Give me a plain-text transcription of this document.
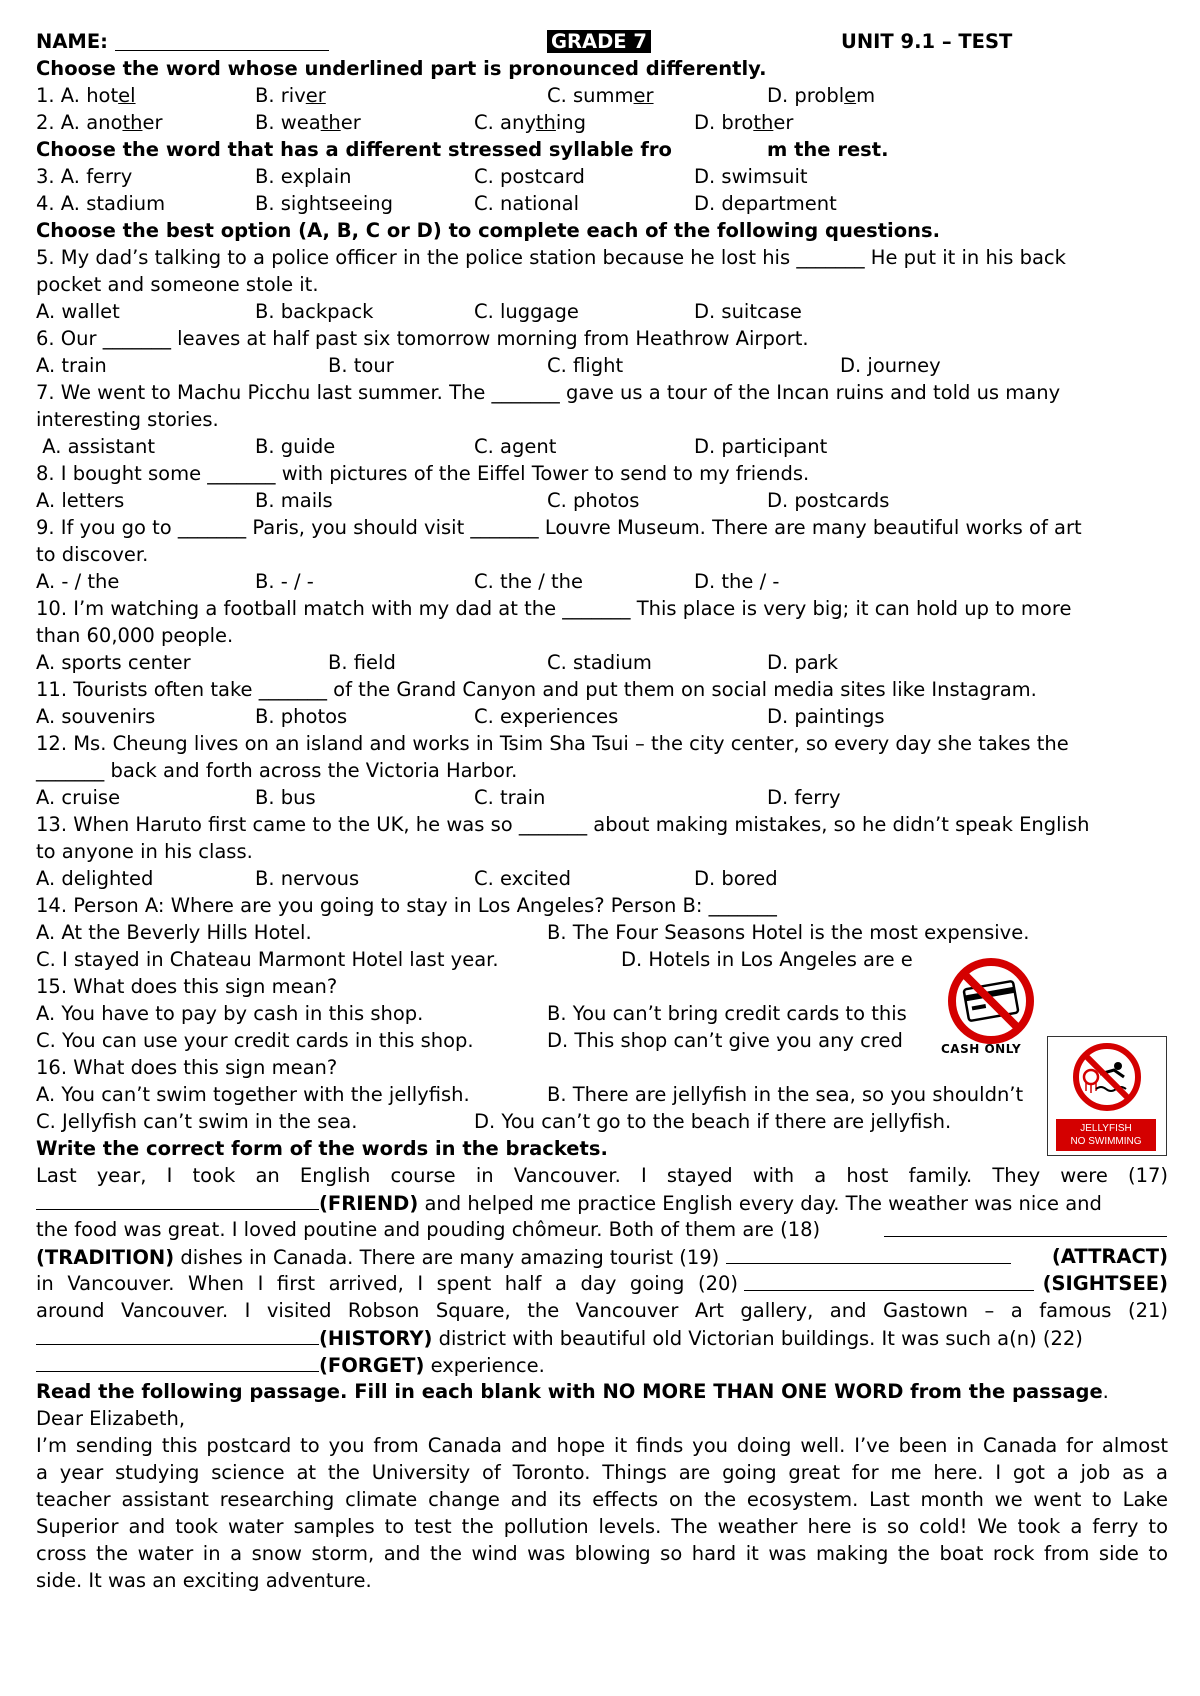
NAME:	GRADE 7	UNIT 9.1 – TEST
Choose the word whose underlined part is pronounced differently.
1. A. hotel	B. river	C. summer	D. problem
2. A. another	B. weather	C. anything	D. brother
Choose the word that has a different stressed syllable fro	m the rest.
3. A. ferry	B. explain	C. postcard	D. swimsuit
4. A. stadium	B. sightseeing	C. national	D. department
Choose the best option (A, B, C or D) to complete each of the following questions.
5. My dad’s talking to a police officer in the police station because he lost his _______ He put it in his back
pocket and someone stole it.
A. wallet	B. backpack	C. luggage	D. suitcase
6. Our _______ leaves at half past six tomorrow morning from Heathrow Airport.
A. train	B. tour	C. flight	D. journey
7. We went to Machu Picchu last summer. The _______ gave us a tour of the Incan ruins and told us many
interesting stories.
A. assistant	B. guide	C. agent	D. participant
8. I bought some _______ with pictures of the Eiffel Tower to send to my friends.
A. letters	B. mails	C. photos	D. postcards
9. If you go to _______ Paris, you should visit _______ Louvre Museum. There are many beautiful works of art
to discover.
A. - / the	B. - / -	C. the / the	D. the / -
10. I’m watching a football match with my dad at the _______ This place is very big; it can hold up to more
than 60,000 people.
A. sports center	B. field	C. stadium	D. park
11. Tourists often take _______ of the Grand Canyon and put them on social media sites like Instagram.
A. souvenirs	B. photos	C. experiences	D. paintings
12. Ms. Cheung lives on an island and works in Tsim Sha Tsui – the city center, so every day she takes the
_______ back and forth across the Victoria Harbor.
A. cruise	B. bus	C. train	D. ferry
13. When Haruto first came to the UK, he was so _______ about making mistakes, so he didn’t speak English
to anyone in his class.
A. delighted	B. nervous	C. excited	D. bored
14. Person A: Where are you going to stay in Los Angeles? Person B: _______
A. At the Beverly Hills Hotel.	B. The Four Seasons Hotel is the most expensive.
C. I stayed in Chateau Marmont Hotel last year.	D. Hotels in Los Angeles are e
15. What does this sign mean?
A. You have to pay by cash in this shop.	B. You can’t bring credit cards to this
C. You can use your credit cards in this shop.	D. This shop can’t give you any cred
16. What does this sign mean?
A. You can’t swim together with the jellyfish.	B. There are jellyfish in the sea, so you shouldn’t
C. Jellyfish can’t swim in the sea.	D. You can’t go to the beach if there are jellyfish.
Write the correct form of the words in the brackets.
Last year, I took an English course in Vancouver. I stayed with a host family. They were (17)
(FRIEND) and helped me practice English every day. The weather was nice and
the food was great. I loved poutine and pouding chômeur. Both of them are (18)
(TRADITION) dishes in Canada. There are many amazing tourist (19)	(ATTRACT)
in Vancouver. When I first arrived, I spent half a day going (20)	(SIGHTSEE)
around Vancouver. I visited Robson Square, the Vancouver Art gallery, and Gastown – a famous (21)
(HISTORY) district with beautiful old Victorian buildings. It was such a(n) (22)
(FORGET) experience.
Read the following passage. Fill in each blank with NO MORE THAN ONE WORD from the passage.
Dear Elizabeth,
I’m sending this postcard to you from Canada and hope it finds you doing well. I’ve been in Canada for almost
a year studying science at the University of Toronto. Things are going great for me here. I got a job as a
teacher assistant researching climate change and its effects on the ecosystem. Last month we went to Lake
Superior and took water samples to test the pollution levels. The weather here is so cold! We took a ferry to
cross the water in a snow storm, and the wind was blowing so hard it was making the boat rock from side to
side. It was an exciting adventure.
CASH ONLY
JELLYFISH
NO SWIMMING
